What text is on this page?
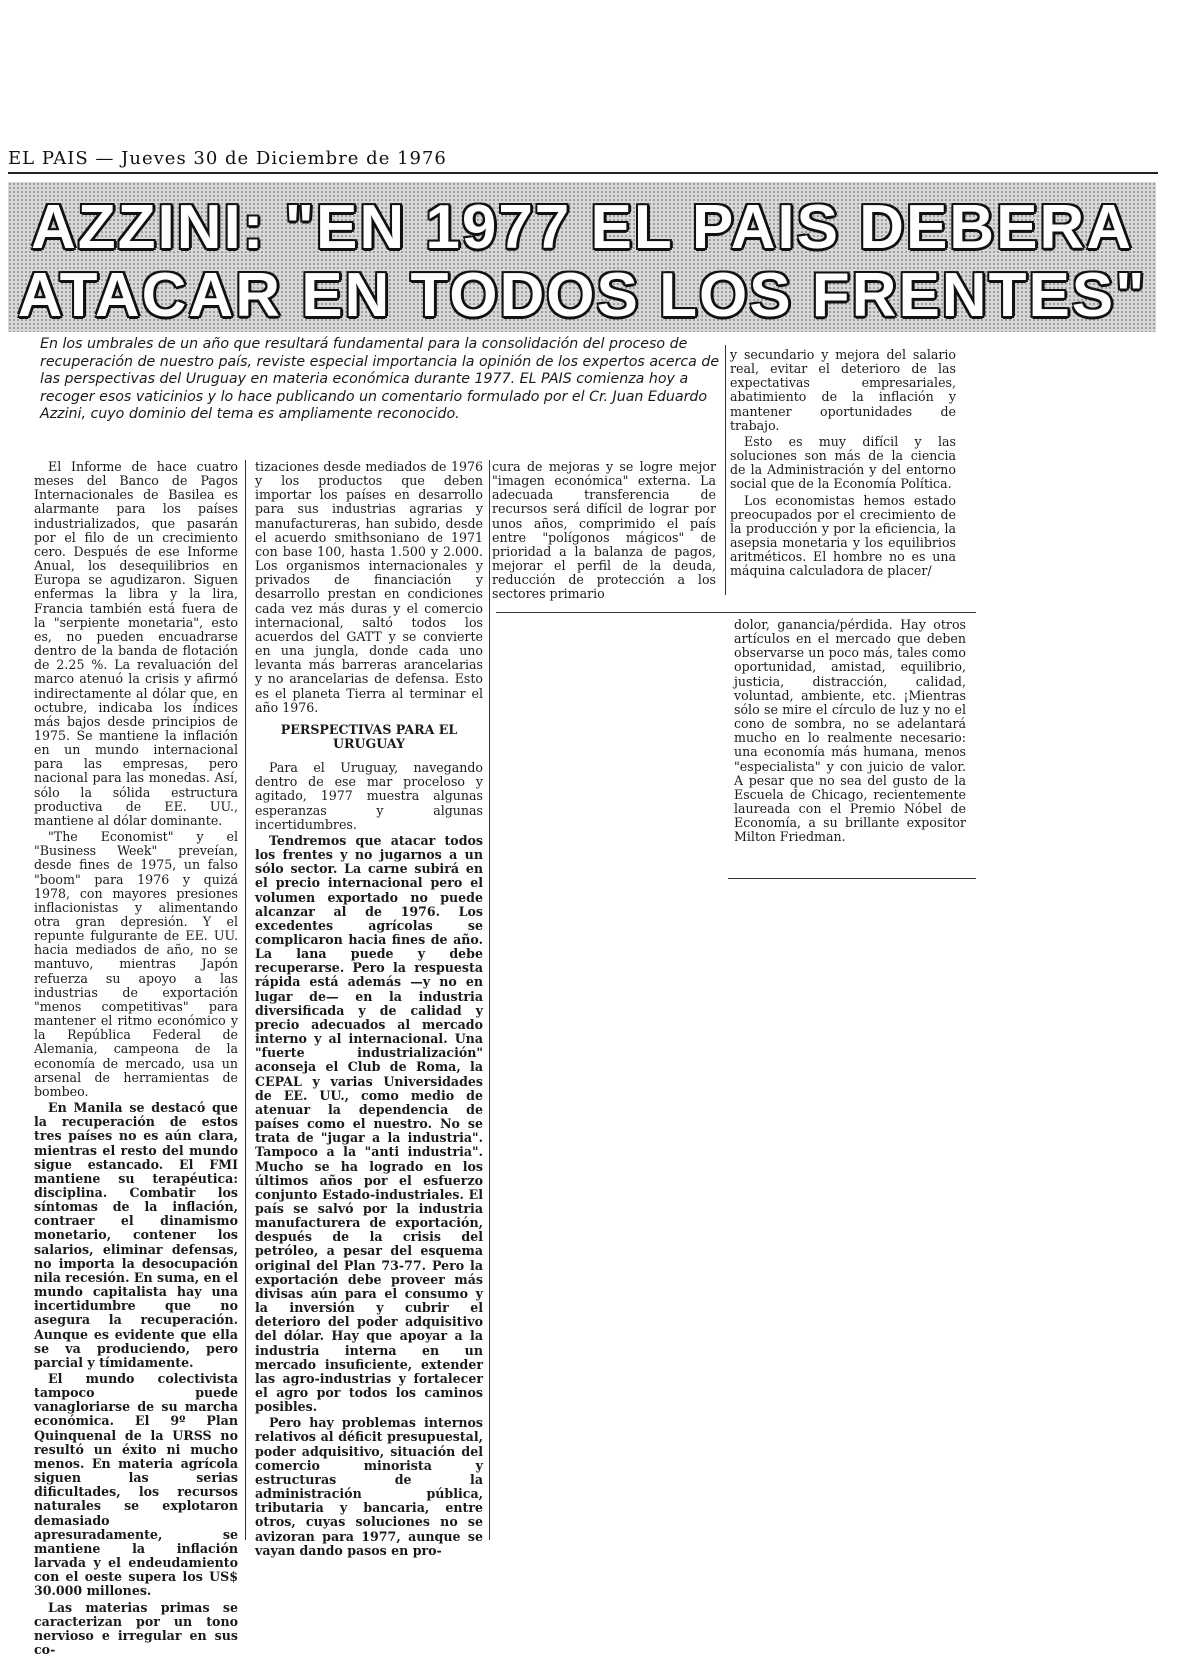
EL PAIS — Jueves 30 de Diciembre de 1976
AZZINI: "EN 1977 EL PAIS DEBERA
ATACAR EN TODOS LOS FRENTES"
En los umbrales de un año que resultará fundamental para la consolidación del proceso de recuperación de nuestro país, reviste especial importancia la opinión de los expertos acerca de las perspectivas del Uruguay en materia económica durante 1977. EL PAIS comienza hoy a recoger esos vaticinios y lo hace publicando un comentario formulado por el Cr. Juan Eduardo Azzini, cuyo dominio del tema es ampliamente reconocido.

El Informe de hace cuatro meses del Banco de Pagos Internacionales de Basilea es alarmante para los países industrializados, que pasarán por el filo de un crecimiento cero. Después de ese Informe Anual, los desequilibrios en Europa se agudizaron. Siguen enfermas la libra y la lira, Francia también está fuera de la "serpiente monetaria", esto es, no pueden encuadrarse dentro de la banda de flotación de 2.25 %. La revaluación del marco atenuó la crisis y afirmó indirectamente al dólar que, en octubre, indicaba los índices más bajos desde principios de 1975. Se mantiene la inflación en un mundo internacional para las empresas, pero nacional para las monedas. Así, sólo la sólida estructura productiva de EE. UU., mantiene al dólar dominante.

"The Economist" y el "Business Week" preveían, desde fines de 1975, un falso "boom" para 1976 y quizá 1978, con mayores presiones inflacionistas y alimentando otra gran depresión. Y el repunte fulgurante de EE. UU. hacia mediados de año, no se mantuvo, mientras Japón refuerza su apoyo a las industrias de exportación "menos competitivas" para mantener el ritmo económico y la República Federal de Alemania, campeona de la economía de mercado, usa un arsenal de herramientas de bombeo.

En Manila se destacó que la recuperación de estos tres países no es aún clara, mientras el resto del mundo sigue estancado. El FMI mantiene su terapéutica: disciplina. Combatir los síntomas de la inflación, contraer el dinamismo monetario, contener los salarios, eliminar defensas, no importa la desocupación nila recesión. En suma, en el mundo capitalista hay una incertidumbre que no asegura la recuperación. Aunque es evidente que ella se va produciendo, pero parcial y tímidamente.

El mundo colectivista tampoco puede vanagloriarse de su marcha económica. El 9º Plan Quinquenal de la URSS no resultó un éxito ni mucho menos. En materia agrícola siguen las serias dificultades, los recursos naturales se explotaron demasiado apresuradamente, se mantiene la inflación larvada y el endeudamiento con el oeste supera los US$ 30.000 millones.

Las materias primas se caracterizan por un tono nervioso e irregular en sus co-

tizaciones desde mediados de 1976 y los productos que deben importar los países en desarrollo para sus industrias agrarias y manufactureras, han subido, desde el acuerdo smithsoniano de 1971 con base 100, hasta 1.500 y 2.000. Los organismos internacionales y privados de financiación y desarrollo prestan en condiciones cada vez más duras y el comercio internacional, saltó todos los acuerdos del GATT y se convierte en una jungla, donde cada uno levanta más barreras arancelarias y no arancelarias de defensa. Esto es el planeta Tierra al terminar el año 1976.

PERSPECTIVAS PARA EL URUGUAY

Para el Uruguay, navegando dentro de ese mar proceloso y agitado, 1977 muestra algunas esperanzas y algunas incertidumbres.

Tendremos que atacar todos los frentes y no jugarnos a un sólo sector. La carne subirá en el precio internacional pero el volumen exportado no puede alcanzar al de 1976. Los excedentes agrícolas se complicaron hacia fines de año. La lana puede y debe recuperarse. Pero la respuesta rápida está además —y no en lugar de— en la industria diversificada y de calidad y precio adecuados al mercado interno y al internacional. Una "fuerte industrialización" aconseja el Club de Roma, la CEPAL y varias Universidades de EE. UU., como medio de atenuar la dependencia de países como el nuestro. No se trata de "jugar a la industria". Tampoco a la "anti industria". Mucho se ha logrado en los últimos años por el esfuerzo conjunto Estado-industriales. El país se salvó por la industria manufacturera de exportación, después de la crisis del petróleo, a pesar del esquema original del Plan 73-77. Pero la exportación debe proveer más divisas aún para el consumo y la inversión y cubrir el deterioro del poder adquisitivo del dólar. Hay que apoyar a la industria interna en un mercado insuficiente, extender las agro-industrias y fortalecer el agro por todos los caminos posibles.

Pero hay problemas internos relativos al déficit presupuestal, poder adquisitivo, situación del comercio minorista y estructuras de la administración pública, tributaria y bancaria, entre otros, cuyas soluciones no se avizoran para 1977, aunque se vayan dando pasos en pro-

cura de mejoras y se logre mejor "imagen económica" externa. La adecuada transferencia de recursos será difícil de lograr por unos años, comprimido el país entre "polígonos mágicos" de prioridad a la balanza de pagos, mejorar el perfil de la deuda, reducción de protección a los sectores primario

y secundario y mejora del salario real, evitar el deterioro de las expectativas empresariales, abatimiento de la inflación y mantener oportunidades de trabajo.

Esto es muy difícil y las soluciones son más de la ciencia de la Administración y del entorno social que de la Economía Política.

Los economistas hemos estado preocupados por el crecimiento de la producción y por la eficiencia, la asepsia monetaria y los equilibrios aritméticos. El hombre no es una máquina calculadora de placer/

dolor, ganancia/pérdida. Hay otros artículos en el mercado que deben observarse un poco más, tales como oportunidad, amistad, equilibrio, justicia, distracción, calidad, voluntad, ambiente, etc. ¡Mientras sólo se mire el círculo de luz y no el cono de sombra, no se adelantará mucho en lo realmente necesario: una economía más humana, menos "especialista" y con juicio de valor. A pesar que no sea del gusto de la Escuela de Chicago, recientemente laureada con el Premio Nóbel de Economía, a su brillante expositor Milton Friedman.
